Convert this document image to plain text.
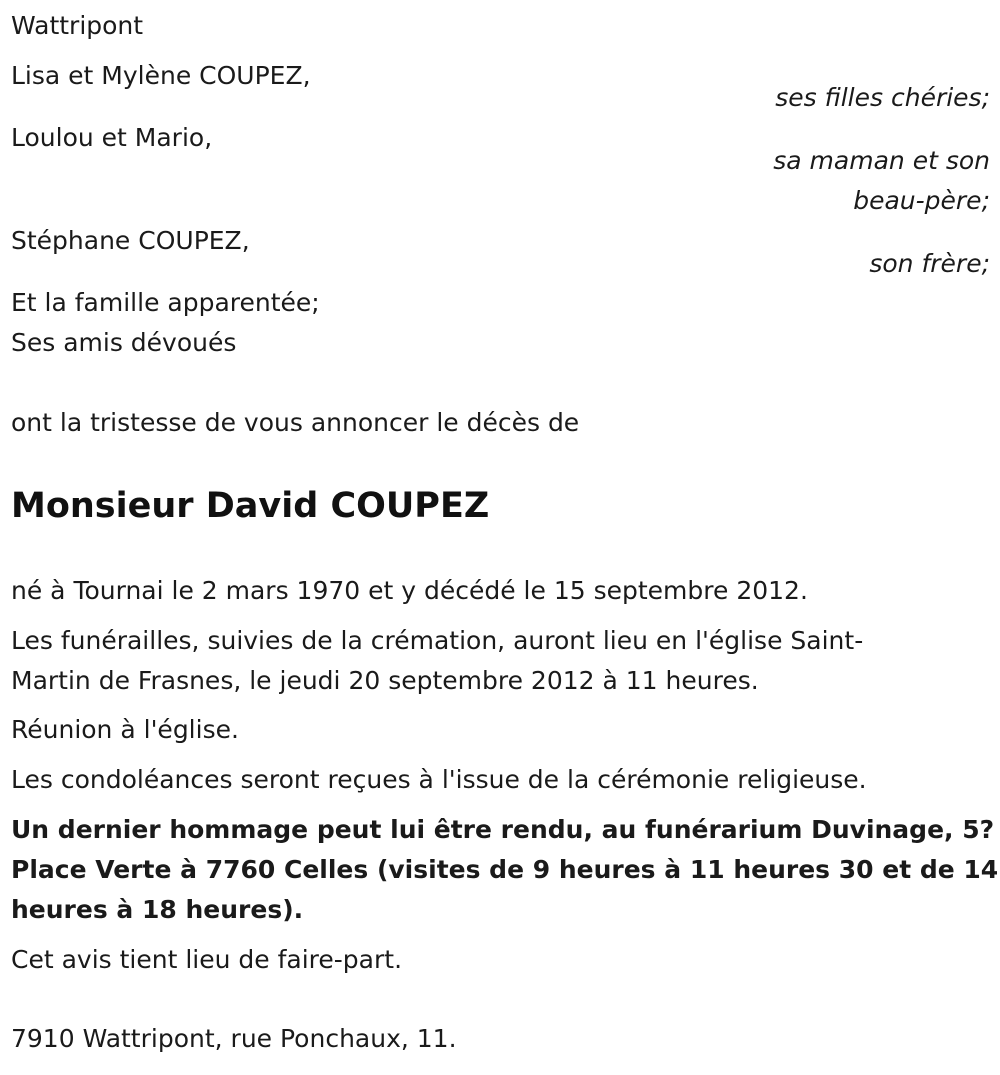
Wattripont
Lisa et Mylène COUPEZ,
ses filles chéries;
Loulou et Mario,
sa maman et son
beau-père;
Stéphane COUPEZ,
son frère;
Et la famille apparentée;
Ses amis dévoués
ont la tristesse de vous annoncer le décès de
Monsieur David COUPEZ
né à Tournai le 2 mars 1970 et y décédé le 15 septembre 2012.
Les funérailles, suivies de la crémation, auront lieu en l'église Saint-
Martin de Frasnes, le jeudi 20 septembre 2012 à 11 heures.
Réunion à l'église.
Les condoléances seront reçues à l'issue de la cérémonie religieuse.
Un dernier hommage peut lui être rendu, au funérarium Duvinage, 5?
Place Verte à 7760 Celles (visites de 9 heures à 11 heures 30 et de 14
heures à 18 heures).
Cet avis tient lieu de faire-part.
7910 Wattripont, rue Ponchaux, 11.
